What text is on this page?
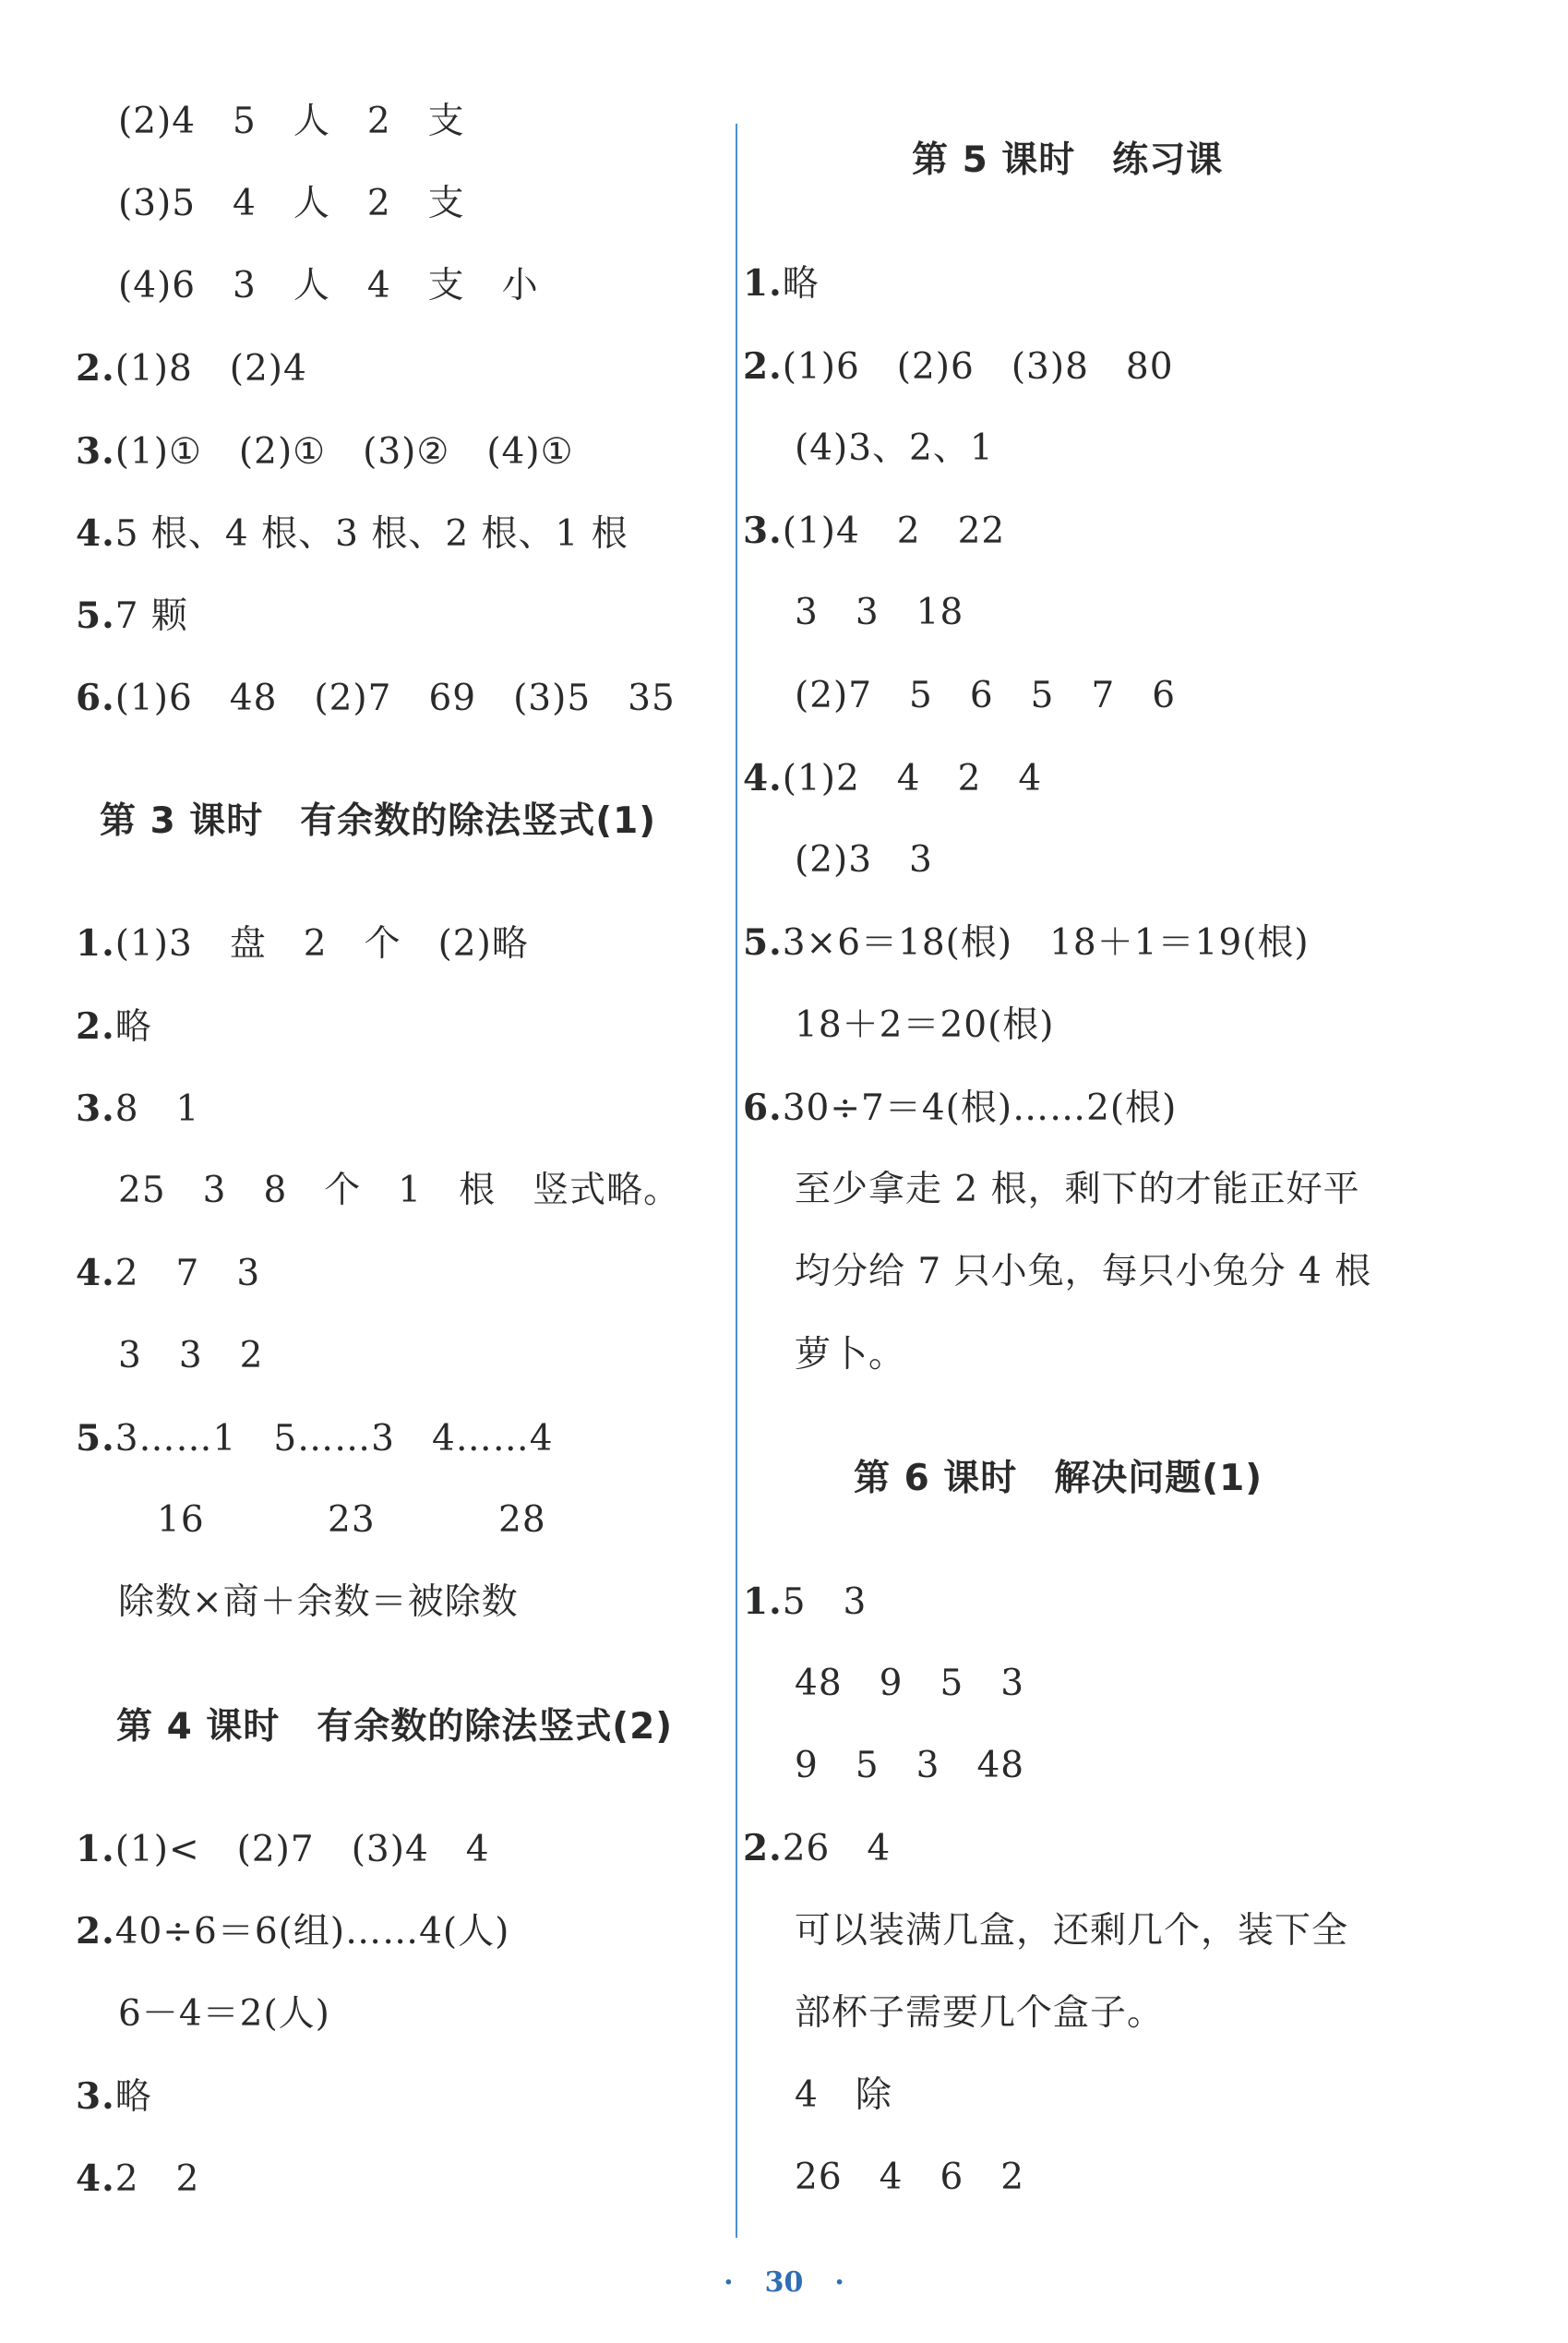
(2)4　5　人　2　支
(3)5　4　人　2　支
(4)6　3　人　4　支　小
2.(1)8　(2)4
3.(1)①　(2)①　(3)②　(4)①
4.5 根、4 根、3 根、2 根、1 根
5.7 颗
6.(1)6　48　(2)7　69　(3)5　35
第 3 课时　有余数的除法竖式(1)
1.(1)3　盘　2　个　(2)略
2.略
3.8　1
25　3　8　个　1　根　竖式略。
4.2　7　3
3　3　2
5.3……1　5……3　4……4
16　　　 23　　　 28
除数×商＋余数＝被除数
第 4 课时　有余数的除法竖式(2)
1.(1)<　(2)7　(3)4　4
2.40÷6＝6(组)……4(人)
6－4＝2(人)
3.略
4.2　2
第 5 课时　练习课
1.略
2.(1)6　(2)6　(3)8　80
(4)3、2、1
3.(1)4　2　22
3　3　18
(2)7　5　6　5　7　6
4.(1)2　4　2　4
(2)3　3
5.3×6＝18(根)　18＋1＝19(根)
18＋2＝20(根)
6.30÷7＝4(根)……2(根)
至少拿走 2 根，剩下的才能正好平
均分给 7 只小兔，每只小兔分 4 根
萝卜。
第 6 课时　解决问题(1)
1.5　3
48　9　5　3
9　5　3　48
2.26　4
可以装满几盒，还剩几个，装下全
部杯子需要几个盒子。
4　除
26　4　6　2
· 30 ·
